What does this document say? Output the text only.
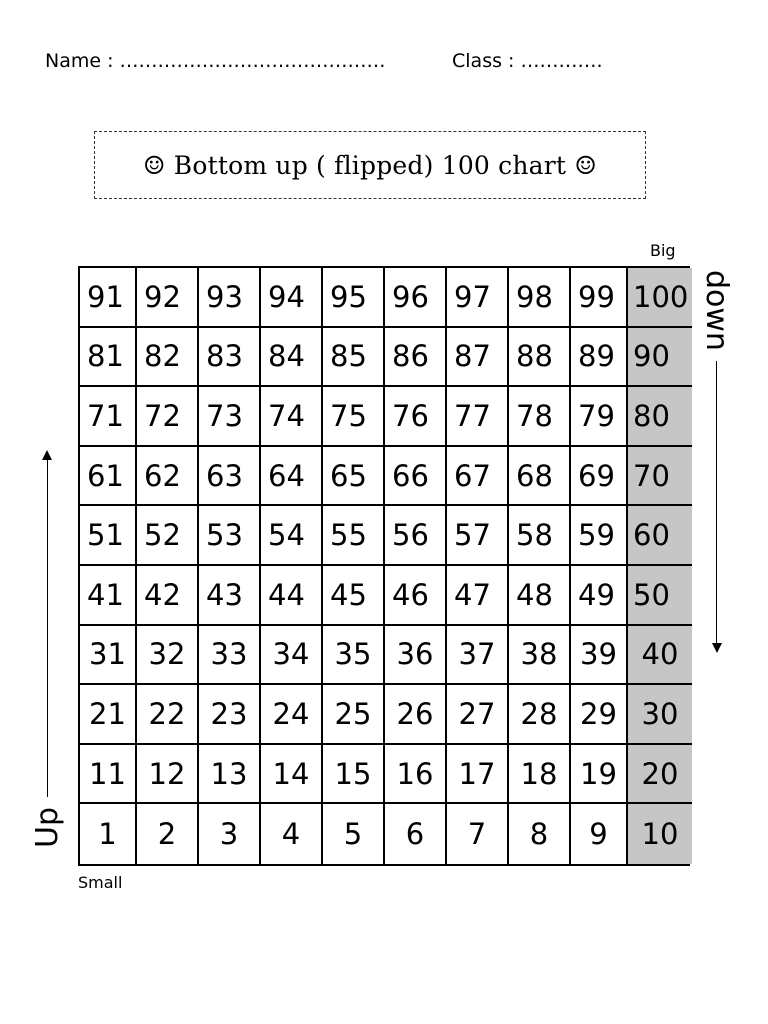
Name : ……………………………………	Class : ………….
☺ Bottom up ( flipped) 100 chart ☺
Big
91 92 93 94 95 96 97 98 99 100
81 82 83 84 85 86 87 88 89 90
71 72 73 74 75 76 77 78 79 80
61 62 63 64 65 66 67 68 69 70
51 52 53 54 55 56 57 58 59 60
41 42 43 44 45 46 47 48 49 50
31 32 33 34 35 36 37 38 39 40
21 22 23 24 25 26 27 28 29 30
11 12 13 14 15 16 17 18 19 20
1	2	3	4	5	6	7	8	9	10
Small
Up
down
